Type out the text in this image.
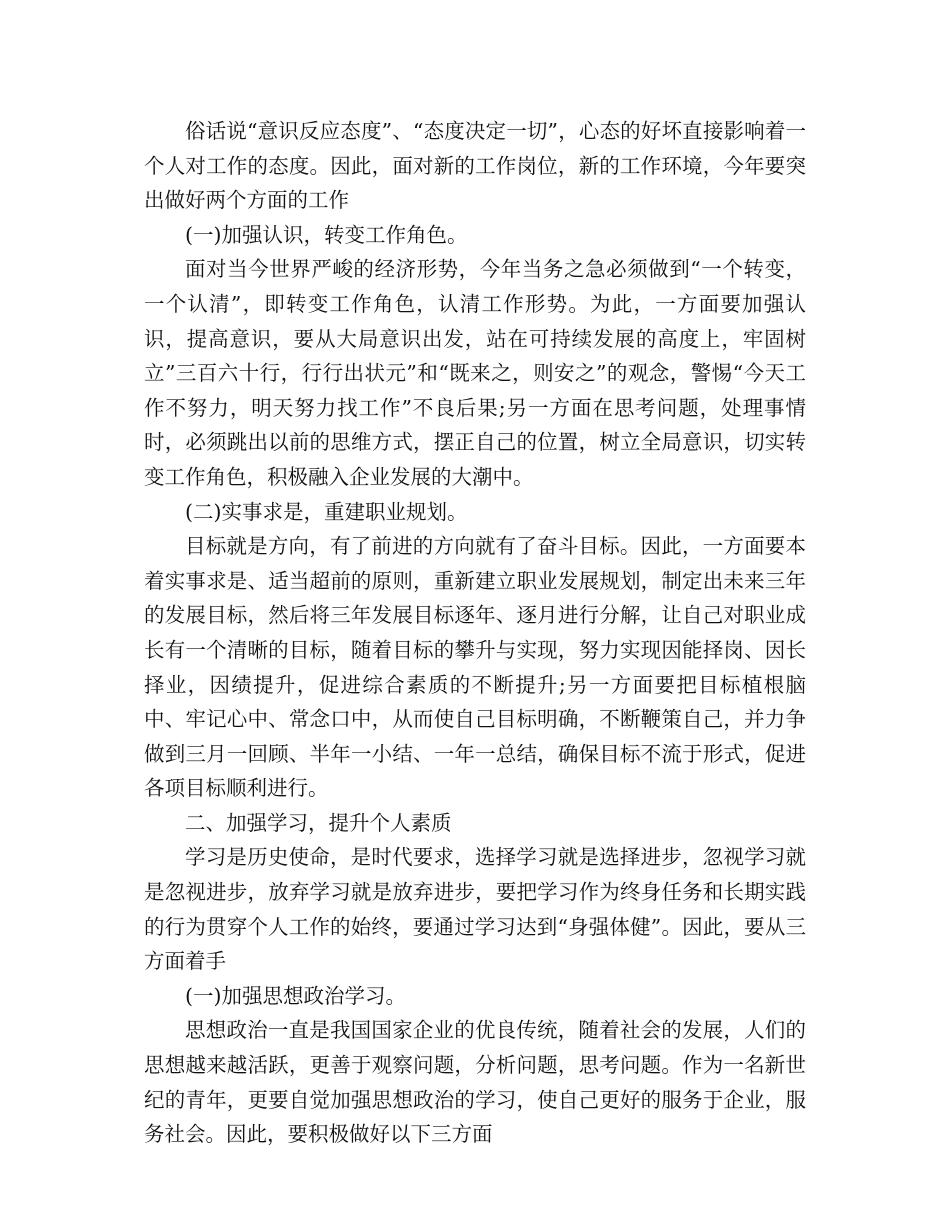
俗话说“意识反应态度”、“态度决定一切”，心态的好坏直接影响着一个人对工作的态度。因此，面对新的工作岗位，新的工作环境，今年要突出做好两个方面的工作

(一)加强认识，转变工作角色。

面对当今世界严峻的经济形势，今年当务之急必须做到“一个转变，一个认清”，即转变工作角色，认清工作形势。为此，一方面要加强认识，提高意识，要从大局意识出发，站在可持续发展的高度上，牢固树立”三百六十行，行行出状元”和“既来之，则安之”的观念，警惕“今天工作不努力，明天努力找工作”不良后果;另一方面在思考问题，处理事情时，必须跳出以前的思维方式，摆正自己的位置，树立全局意识，切实转变工作角色，积极融入企业发展的大潮中。

(二)实事求是，重建职业规划。

目标就是方向，有了前进的方向就有了奋斗目标。因此，一方面要本着实事求是、适当超前的原则，重新建立职业发展规划，制定出未来三年的发展目标，然后将三年发展目标逐年、逐月进行分解，让自己对职业成长有一个清晰的目标，随着目标的攀升与实现，努力实现因能择岗、因长择业，因绩提升，促进综合素质的不断提升;另一方面要把目标植根脑中、牢记心中、常念口中，从而使自己目标明确，不断鞭策自己，并力争做到三月一回顾、半年一小结、一年一总结，确保目标不流于形式，促进各项目标顺利进行。

二、加强学习，提升个人素质

学习是历史使命，是时代要求，选择学习就是选择进步，忽视学习就是忽视进步，放弃学习就是放弃进步，要把学习作为终身任务和长期实践的行为贯穿个人工作的始终，要通过学习达到“身强体健”。因此，要从三方面着手

(一)加强思想政治学习。

思想政治一直是我国国家企业的优良传统，随着社会的发展，人们的思想越来越活跃，更善于观察问题，分析问题，思考问题。作为一名新世纪的青年，更要自觉加强思想政治的学习，使自己更好的服务于企业，服务社会。因此，要积极做好以下三方面
